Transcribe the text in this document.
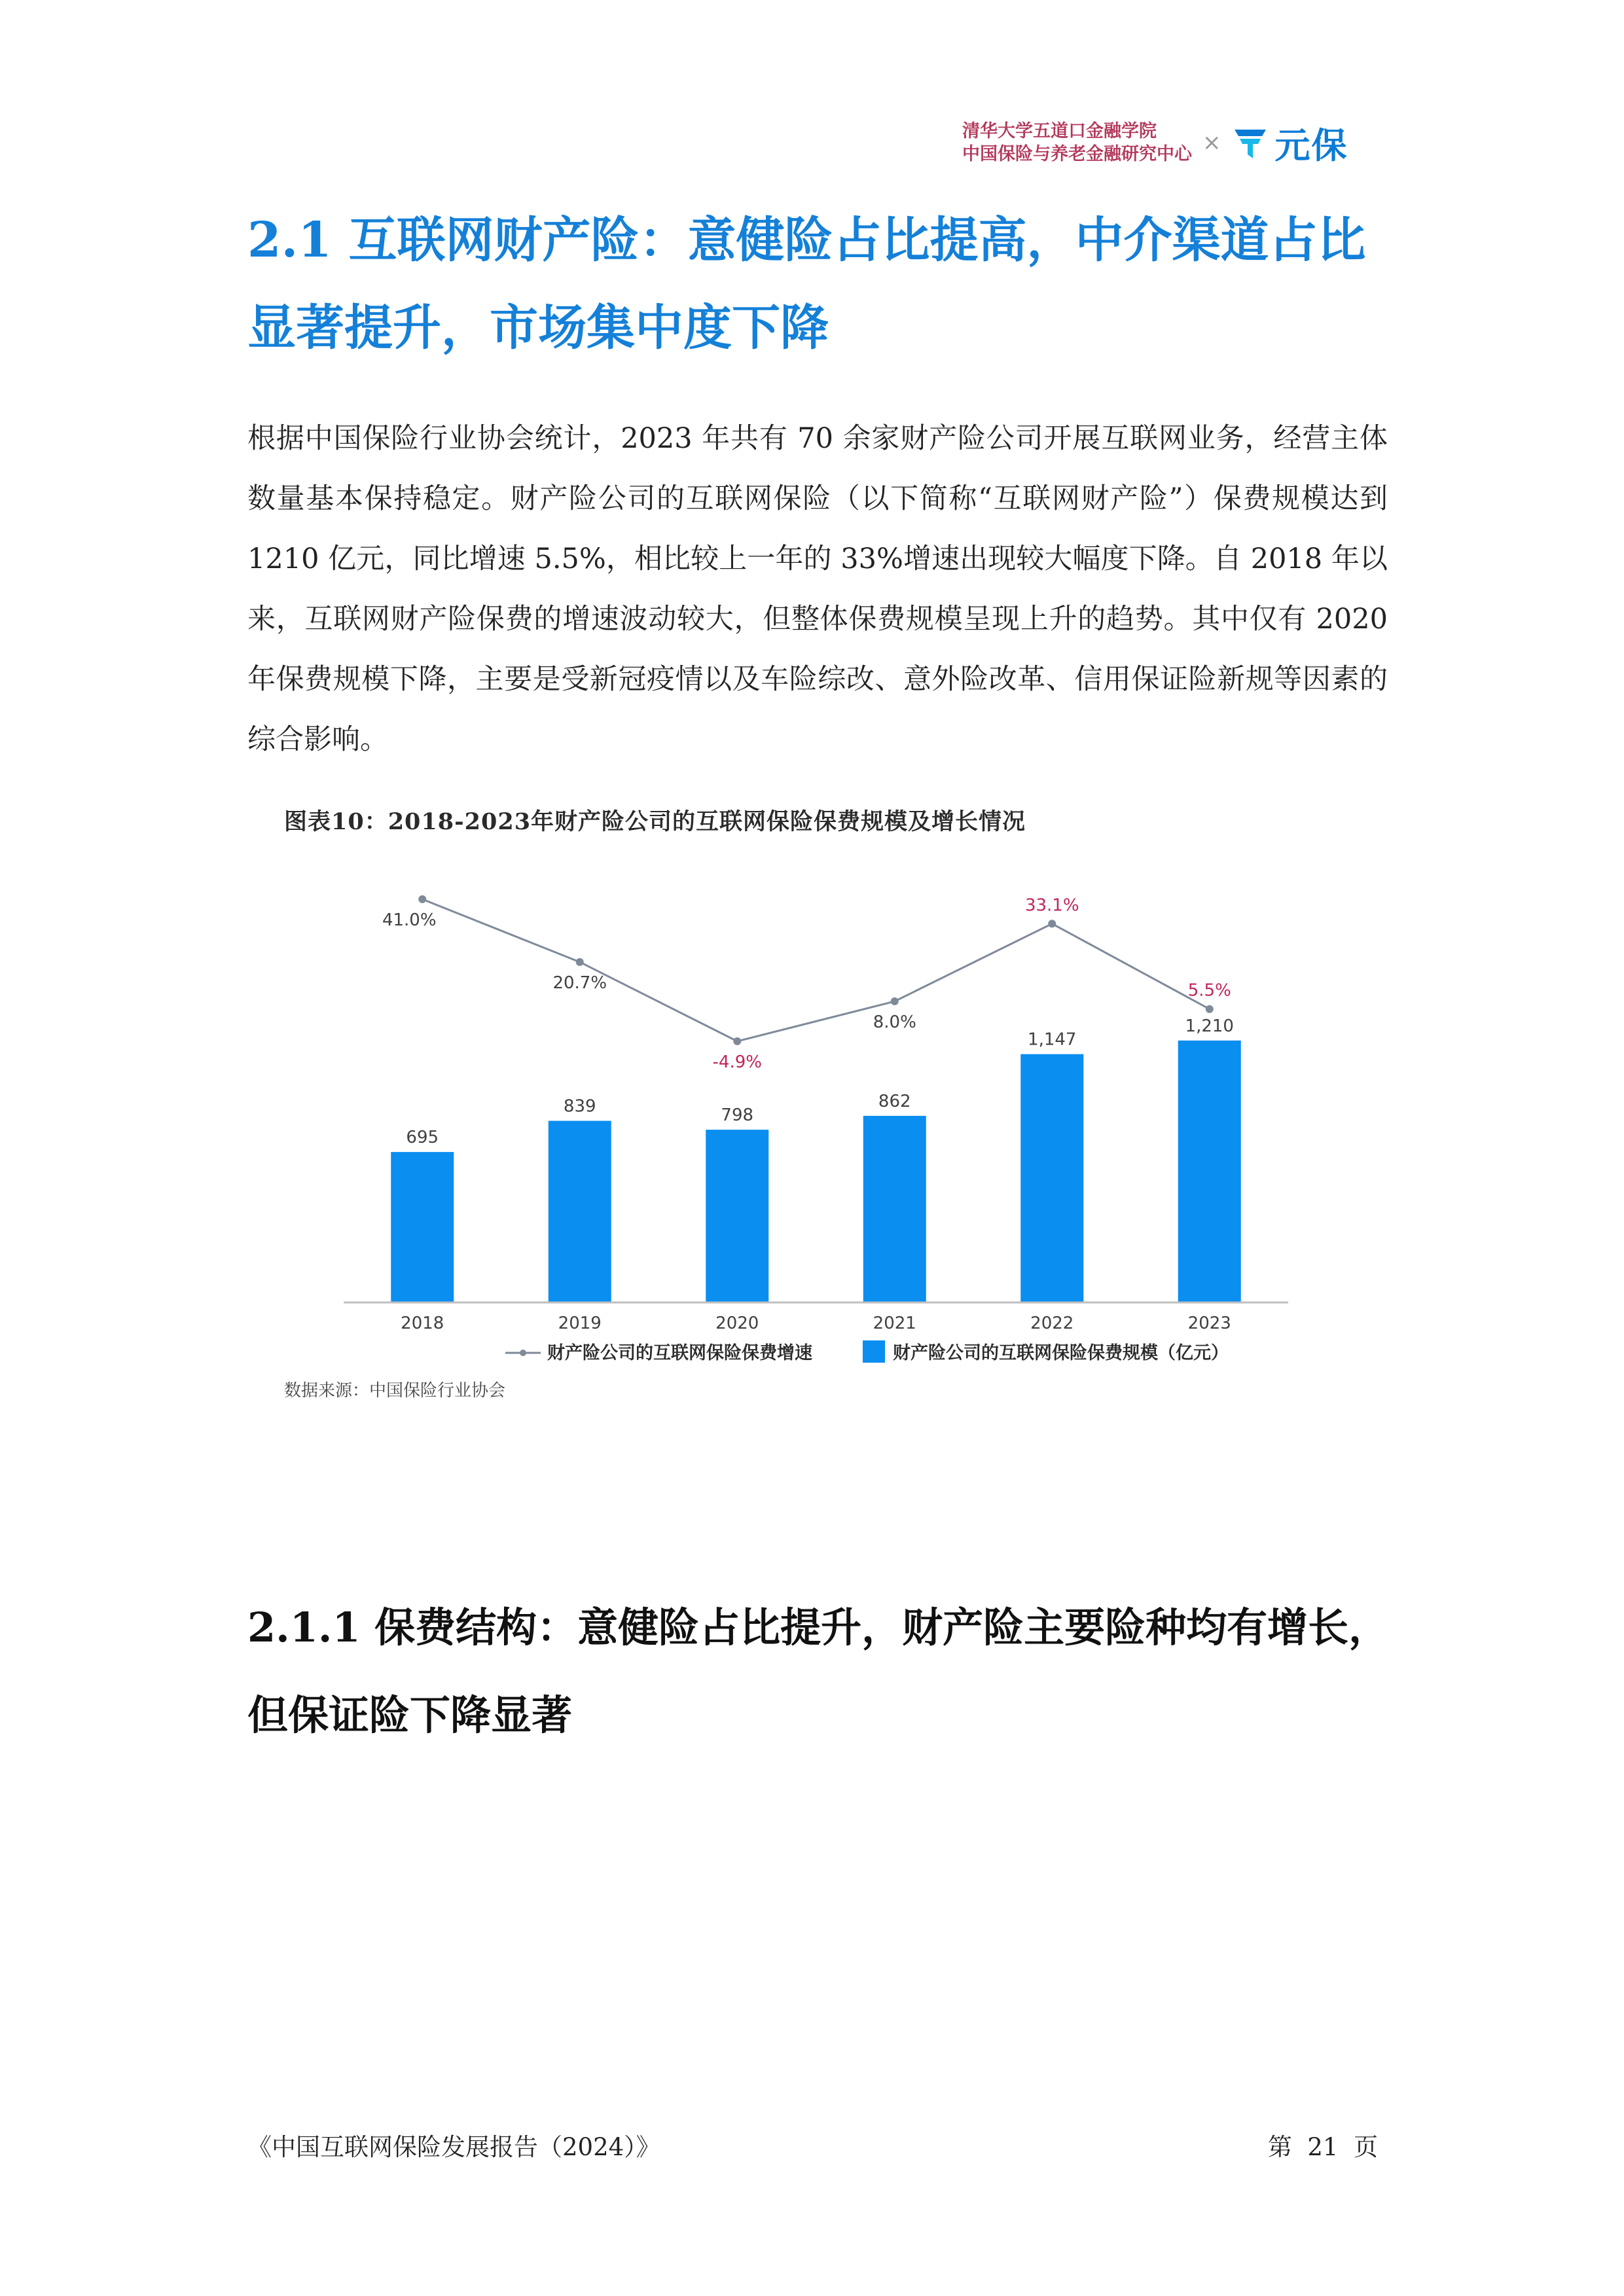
清华大学五道口金融学院
中国保险与养老金融研究中心 × 元保
2.1 互联网财产险：意健险占比提高，中介渠道占比显著提升，市场集中度下降

根据中国保险行业协会统计，2023 年共有 70 余家财产险公司开展互联网业务，经营主体数量基本保持稳定。财产险公司的互联网保险（以下简称“互联网财产险”）保费规模达到 1210 亿元，同比增速 5.5%，相比较上一年的 33%增速出现较大幅度下降。自 2018 年以来，互联网财产险保费的增速波动较大，但整体保费规模呈现上升的趋势。其中仅有 2020 年保费规模下降，主要是受新冠疫情以及车险综改、意外险改革、信用保证险新规等因素的综合影响。

图表10：2018-2023年财产险公司的互联网保险保费规模及增长情况
695
839	798
862
1,147
1,210
41.0%
20.7%
-4.9%
8.0%
33.1%
5.5%
2018	2019	2020	2021	2022	2023
财产险公司的互联网保险保费增速	财产险公司的互联网保险保费规模（亿元）
数据来源：中国保险行业协会
2.1.1 保费结构：意健险占比提升，财产险主要险种均有增长，但保证险下降显著
《中国互联网保险发展报告（2024）》	第 21 页
